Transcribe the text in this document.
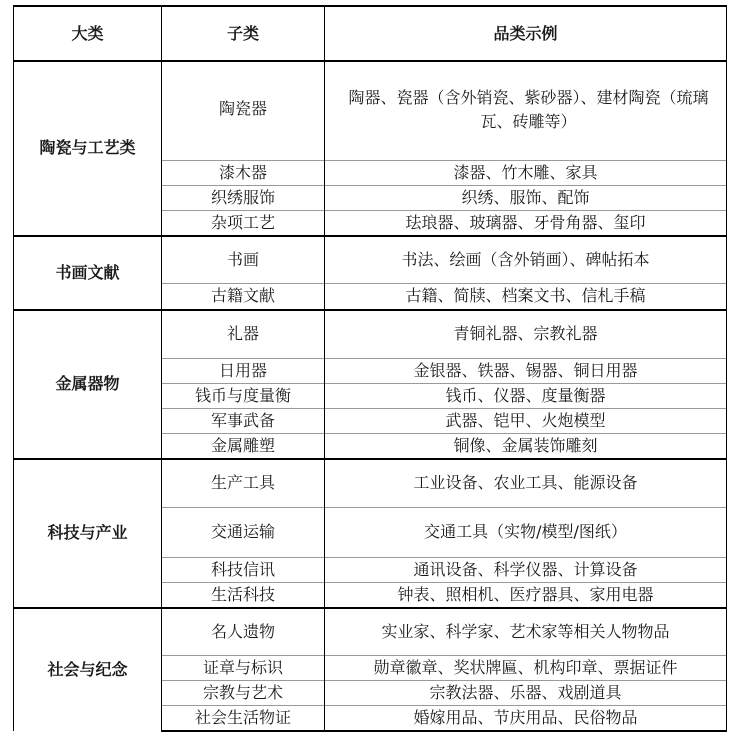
大类	子类	品类示例
陶瓷与工艺类	陶瓷器	陶器、瓷器（含外销瓷、紫砂器）、建材陶瓷（琉璃瓦、砖雕等）
	漆木器	漆器、竹木雕、家具
	织绣服饰	织绣、服饰、配饰
	杂项工艺	珐琅器、玻璃器、牙骨角器、玺印
书画文献	书画	书法、绘画（含外销画）、碑帖拓本
	古籍文献	古籍、简牍、档案文书、信札手稿
金属器物	礼器	青铜礼器、宗教礼器
	日用器	金银器、铁器、锡器、铜日用器
	钱币与度量衡	钱币、仪器、度量衡器
	军事武备	武器、铠甲、火炮模型
	金属雕塑	铜像、金属装饰雕刻
科技与产业	生产工具	工业设备、农业工具、能源设备
	交通运输	交通工具（实物/模型/图纸）
	科技信讯	通讯设备、科学仪器、计算设备
	生活科技	钟表、照相机、医疗器具、家用电器
社会与纪念	名人遗物	实业家、科学家、艺术家等相关人物物品
	证章与标识	勋章徽章、奖状牌匾、机构印章、票据证件
	宗教与艺术	宗教法器、乐器、戏剧道具
	社会生活物证	婚嫁用品、节庆用品、民俗物品
